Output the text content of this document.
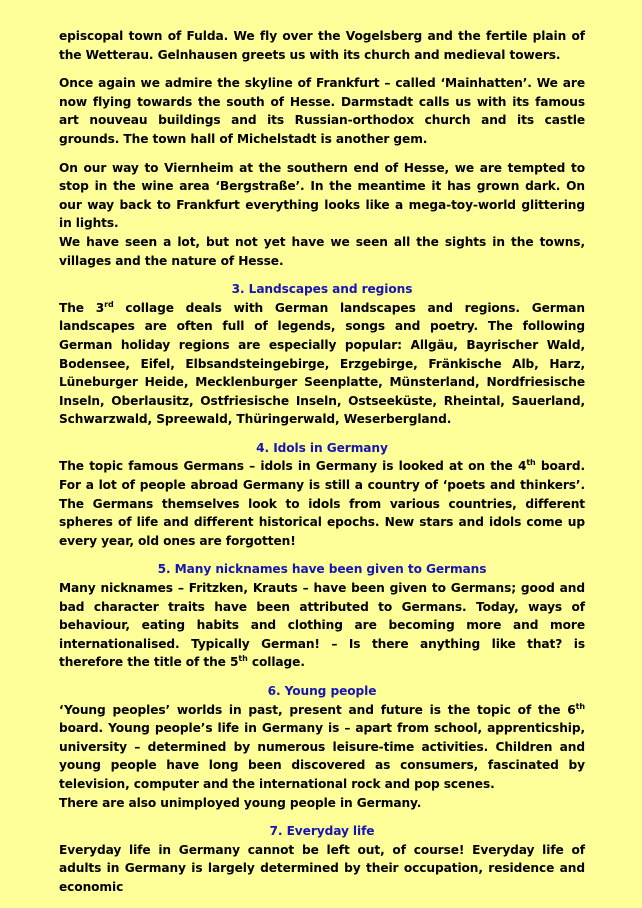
episcopal town of Fulda. We fly over the Vogelsberg and the fertile plain of the Wetterau. Gelnhausen greets us with its church and medieval towers.

Once again we admire the skyline of Frankfurt – called ‘Mainhatten’. We are now flying towards the south of Hesse. Darmstadt calls us with its famous art nouveau buildings and its Russian-orthodox church and its castle grounds. The town hall of Michelstadt is another gem.

On our way to Viernheim at the southern end of Hesse, we are tempted to stop in the wine area ‘Bergstraße’. In the meantime it has grown dark. On our way back to Frankfurt everything looks like a mega-toy-world glittering in lights.

We have seen a lot, but not yet have we seen all the sights in the towns, villages and the nature of Hesse.

3. Landscapes and regions

The 3rd collage deals with German landscapes and regions. German landscapes are often full of legends, songs and poetry. The following German holiday regions are especially popular: Allgäu, Bayrischer Wald, Bodensee, Eifel, Elbsandsteingebirge, Erzgebirge, Fränkische Alb, Harz, Lüneburger Heide, Mecklenburger Seenplatte, Münsterland, Nordfriesische Inseln, Oberlausitz, Ostfriesische Inseln, Ostseeküste, Rheintal, Sauerland, Schwarzwald, Spreewald, Thüringerwald, Weserbergland.

4. Idols in Germany

The topic famous Germans – idols in Germany is looked at on the 4th board. For a lot of people abroad Germany is still a country of ‘poets and thinkers’. The Germans themselves look to idols from various countries, different spheres of life and different historical epochs. New stars and idols come up every year, old ones are forgotten!

5. Many nicknames have been given to Germans

Many nicknames – Fritzken, Krauts – have been given to Germans; good and bad character traits have been attributed to Germans. Today, ways of behaviour, eating habits and clothing are becoming more and more internationalised. Typically German! – Is there anything like that? is therefore the title of the 5th collage.

6. Young people

‘Young peoples’ worlds in past, present and future is the topic of the 6th board. Young people’s life in Germany is – apart from school, apprenticship, university – determined by numerous leisure-time activities. Children and young people have long been discovered as consumers, fascinated by television, computer and the international rock and pop scenes.

There are also unimployed young people in Germany.

7. Everyday life

Everyday life in Germany cannot be left out, of course! Everyday life of adults in Germany is largely determined by their occupation, residence and economic
